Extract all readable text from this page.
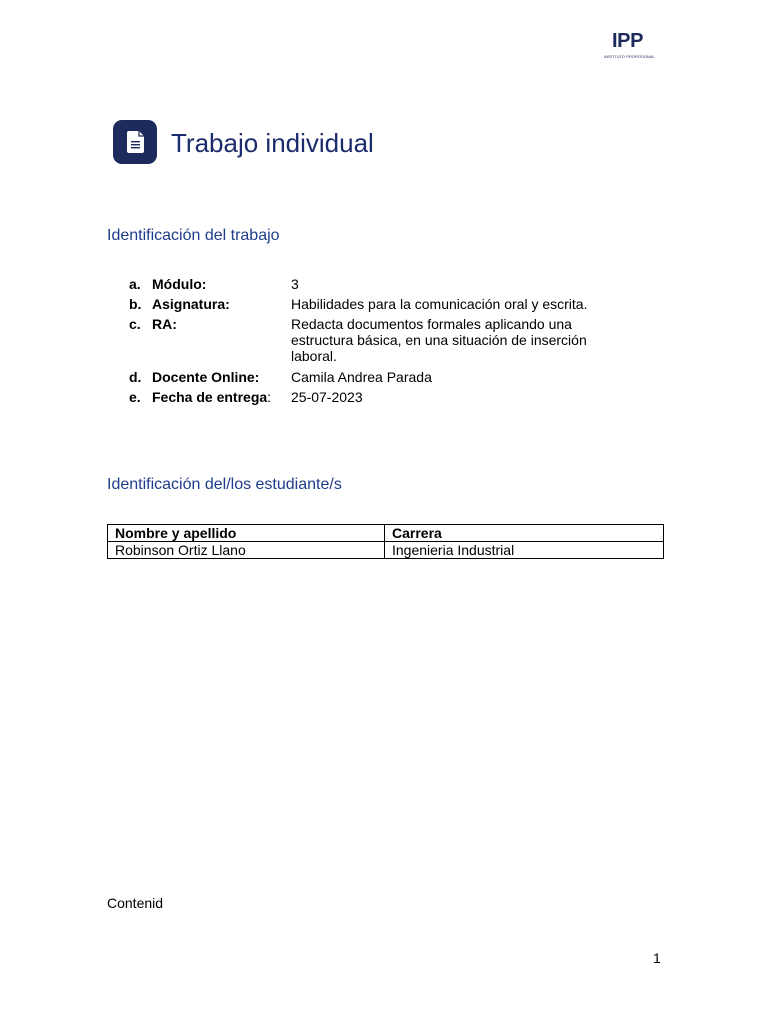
IPP
INSTITUTO PROFESIONAL
Trabajo individual
Identificación del trabajo
a. Módulo:	3
b. Asignatura:	Habilidades para la comunicación oral y escrita.
c. RA:	Redacta documentos formales aplicando una estructura básica, en una situación de inserción laboral.
d. Docente Online: Camila Andrea Parada
e. Fecha de entrega: 25-07-2023
Identificación del/los estudiante/s
Nombre y apellido	Carrera
Robinson Ortiz Llano	Ingenieria Industrial
Contenid
1
